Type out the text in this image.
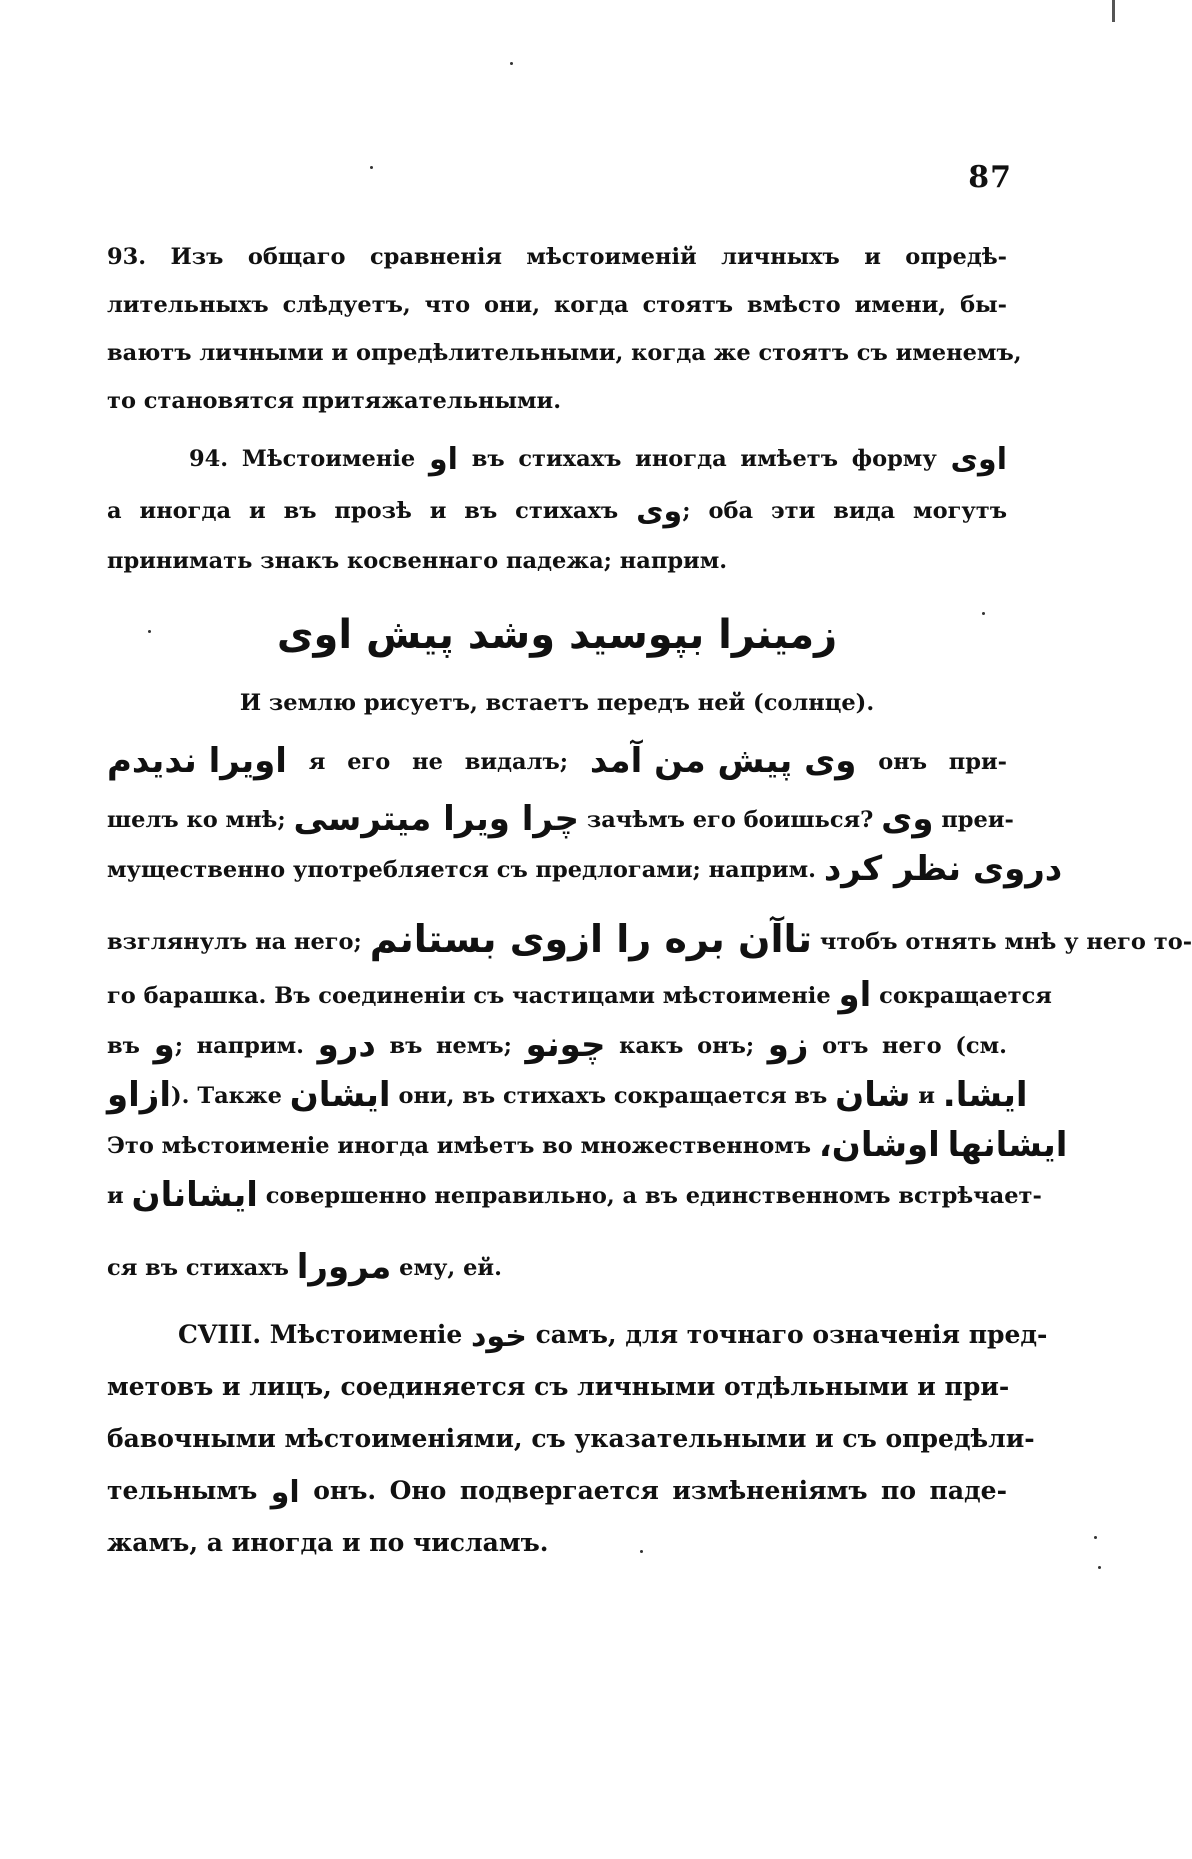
87
93. Изъ общаго сравненія мѣстоименій личныхъ и опредѣ-
лительныхъ слѣдуетъ, что они, когда стоятъ вмѣсто имени, бы-
ваютъ личными и опредѣлительными, когда же стоятъ съ именемъ,
то становятся притяжательными.
94. Мѣстоименіе او въ стихахъ иногда имѣетъ форму اوی
а иногда и въ прозѣ и въ стихахъ وی; оба эти вида могутъ
принимать знакъ косвеннаго падежа; наприм.
زمینرا بپوسید وشد پیش اوی
И землю рисуетъ, встаетъ передъ ней (солнце).
اویرا ندیدم я его не видалъ; وی پیش من آمد онъ при-
шелъ ко мнѣ; چرا ویرا میترسی зачѣмъ его боишься? وی преи-
мущественно употребляется съ предлогами; наприм. دروی نظر کرد
взглянулъ на него; تاآن بره را ازوی بستانم чтобъ отнять мнѣ у него то-
го барашка. Въ соединеніи съ частицами мѣстоименіе او сокращается
въ و; наприм. درو въ немъ; چونو какъ онъ; زو отъ него (см.
ازاو). Также ایشان они, въ стихахъ сокращается въ شان и ایشا.
Это мѣстоименіе иногда имѣетъ во множественномъ اوشان، ایشانها
и ایشانان совершенно неправильно, а въ единственномъ встрѣчает-
ся въ стихахъ مرورا ему, ей.
CVIII. Мѣстоименіе خود самъ, для точнаго означенія пред-
метовъ и лицъ, соединяется съ личными отдѣльными и при-
бавочными мѣстоименіями, съ указательными и съ опредѣли-
тельнымъ او онъ. Оно подвергается измѣненіямъ по паде-
жамъ, а иногда и по числамъ.
